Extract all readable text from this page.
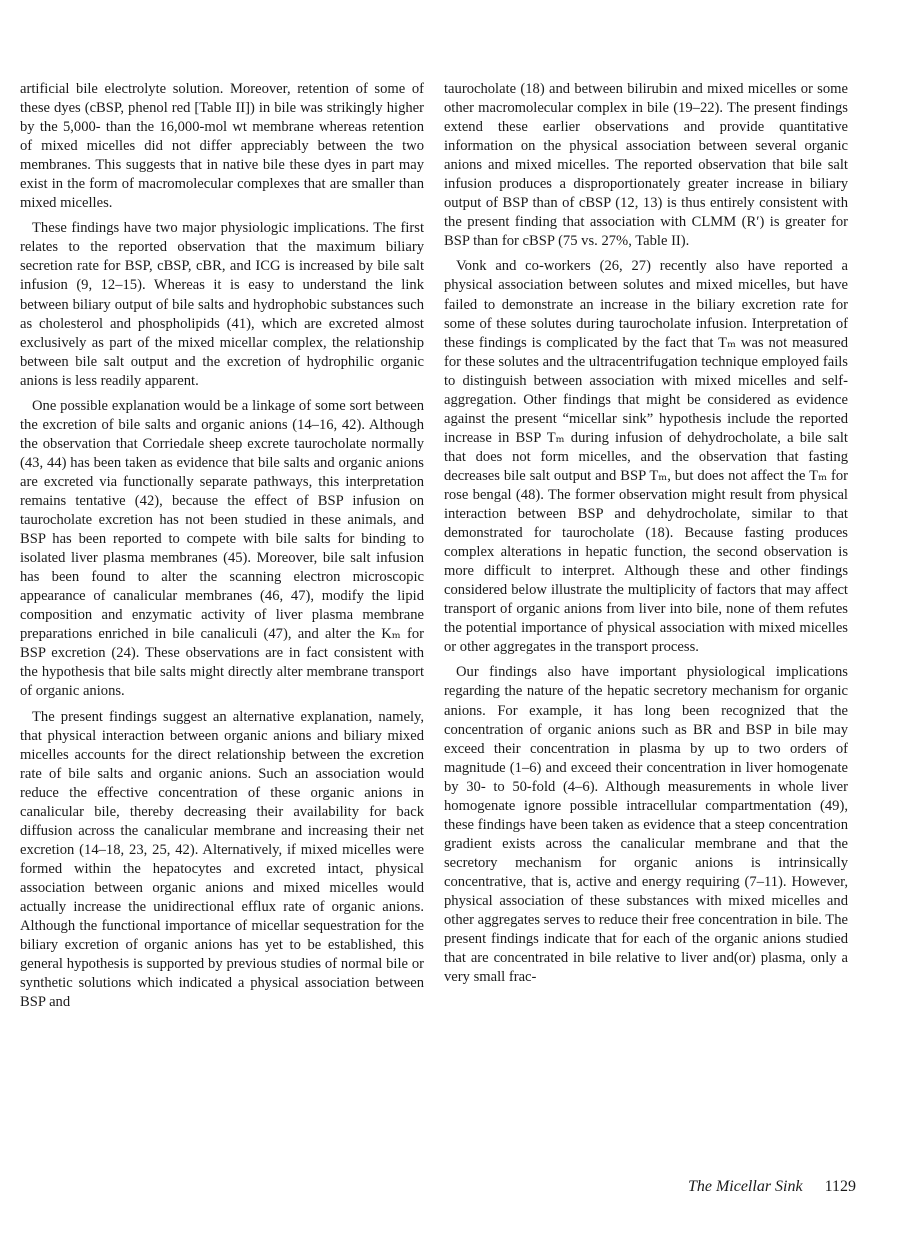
artificial bile electrolyte solution. Moreover, retention of some of these dyes (cBSP, phenol red [Table II]) in bile was strikingly higher by the 5,000- than the 16,000-mol wt membrane whereas retention of mixed micelles did not differ appreciably between the two membranes. This suggests that in native bile these dyes in part may exist in the form of macromolecular complexes that are smaller than mixed micelles.

These findings have two major physiologic implications. The first relates to the reported observation that the maximum biliary secretion rate for BSP, cBSP, cBR, and ICG is increased by bile salt infusion (9, 12–15). Whereas it is easy to understand the link between biliary output of bile salts and hydrophobic substances such as cholesterol and phospholipids (41), which are excreted almost exclusively as part of the mixed micellar complex, the relationship between bile salt output and the excretion of hydrophilic organic anions is less readily apparent.

One possible explanation would be a linkage of some sort between the excretion of bile salts and organic anions (14–16, 42). Although the observation that Corriedale sheep excrete taurocholate normally (43, 44) has been taken as evidence that bile salts and organic anions are excreted via functionally separate pathways, this interpretation remains tentative (42), because the effect of BSP infusion on taurocholate excretion has not been studied in these animals, and BSP has been reported to compete with bile salts for binding to isolated liver plasma membranes (45). Moreover, bile salt infusion has been found to alter the scanning electron microscopic appearance of canalicular membranes (46, 47), modify the lipid composition and enzymatic activity of liver plasma membrane preparations enriched in bile canaliculi (47), and alter the Kₘ for BSP excretion (24). These observations are in fact consistent with the hypothesis that bile salts might directly alter membrane transport of organic anions.

The present findings suggest an alternative explanation, namely, that physical interaction between organic anions and biliary mixed micelles accounts for the direct relationship between the excretion rate of bile salts and organic anions. Such an association would reduce the effective concentration of these organic anions in canalicular bile, thereby decreasing their availability for back diffusion across the canalicular membrane and increasing their net excretion (14–18, 23, 25, 42). Alternatively, if mixed micelles were formed within the hepatocytes and excreted intact, physical association between organic anions and mixed micelles would actually increase the unidirectional efflux rate of organic anions. Although the functional importance of micellar sequestration for the biliary excretion of organic anions has yet to be established, this general hypothesis is supported by previous studies of normal bile or synthetic solutions which indicated a physical association between BSP and

taurocholate (18) and between bilirubin and mixed micelles or some other macromolecular complex in bile (19–22). The present findings extend these earlier observations and provide quantitative information on the physical association between several organic anions and mixed micelles. The reported observation that bile salt infusion produces a disproportionately greater increase in biliary output of BSP than of cBSP (12, 13) is thus entirely consistent with the present finding that association with CLMM (R′) is greater for BSP than for cBSP (75 vs. 27%, Table II).

Vonk and co-workers (26, 27) recently also have reported a physical association between solutes and mixed micelles, but have failed to demonstrate an increase in the biliary excretion rate for some of these solutes during taurocholate infusion. Interpretation of these findings is complicated by the fact that Tₘ was not measured for these solutes and the ultracentrifugation technique employed fails to distinguish between association with mixed micelles and self-aggregation. Other findings that might be considered as evidence against the present “micellar sink” hypothesis include the reported increase in BSP Tₘ during infusion of dehydrocholate, a bile salt that does not form micelles, and the observation that fasting decreases bile salt output and BSP Tₘ, but does not affect the Tₘ for rose bengal (48). The former observation might result from physical interaction between BSP and dehydrocholate, similar to that demonstrated for taurocholate (18). Because fasting produces complex alterations in hepatic function, the second observation is more difficult to interpret. Although these and other findings considered below illustrate the multiplicity of factors that may affect transport of organic anions from liver into bile, none of them refutes the potential importance of physical association with mixed micelles or other aggregates in the transport process.

Our findings also have important physiological implications regarding the nature of the hepatic secretory mechanism for organic anions. For example, it has long been recognized that the concentration of organic anions such as BR and BSP in bile may exceed their concentration in plasma by up to two orders of magnitude (1–6) and exceed their concentration in liver homogenate by 30- to 50-fold (4–6). Although measurements in whole liver homogenate ignore possible intracellular compartmentation (49), these findings have been taken as evidence that a steep concentration gradient exists across the canalicular membrane and that the secretory mechanism for organic anions is intrinsically concentrative, that is, active and energy requiring (7–11). However, physical association of these substances with mixed micelles and other aggregates serves to reduce their free concentration in bile. The present findings indicate that for each of the organic anions studied that are concentrated in bile relative to liver and(or) plasma, only a very small frac-

The Micellar Sink 1129
